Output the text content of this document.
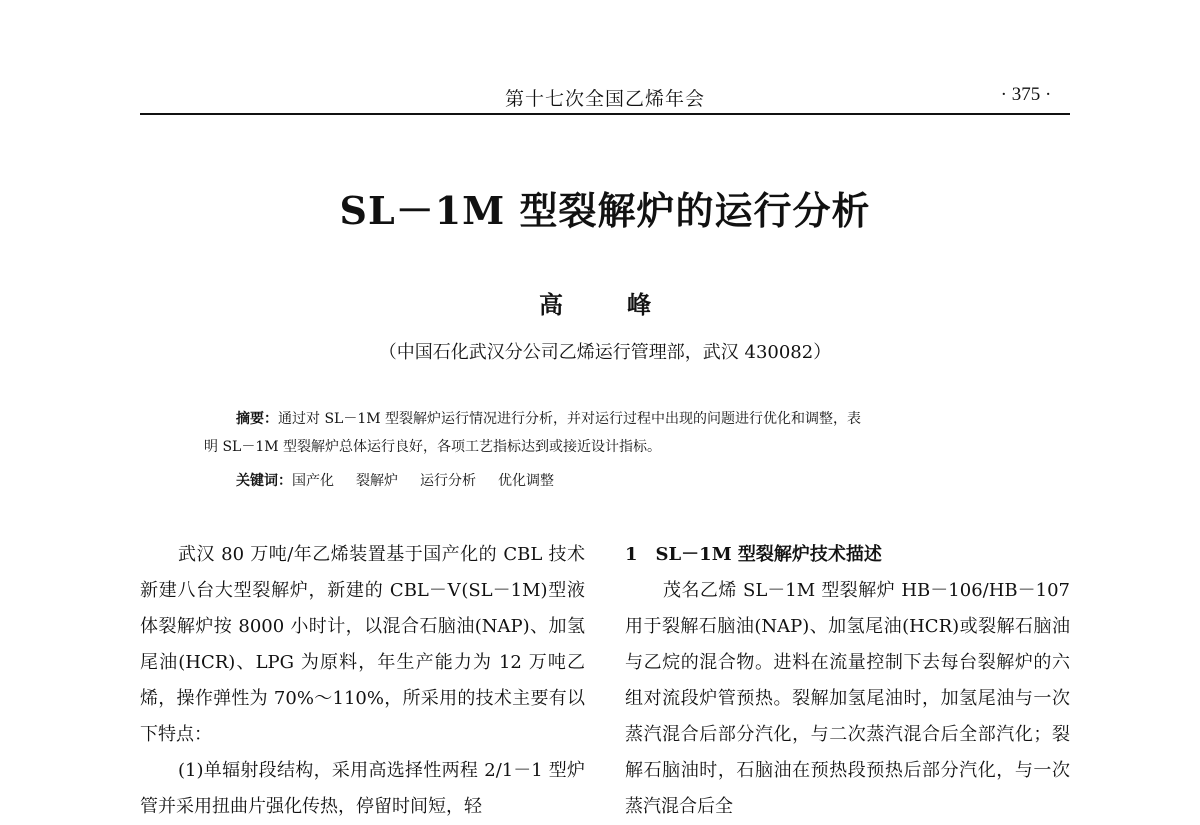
第十七次全国乙烯年会	· 375 ·
SL－1M 型裂解炉的运行分析
高　峰
（中国石化武汉分公司乙烯运行管理部，武汉 430082）
摘要：通过对 SL－1M 型裂解炉运行情况进行分析，并对运行过程中出现的问题进行优化和调整，表
明 SL－1M 型裂解炉总体运行良好，各项工艺指标达到或接近设计指标。
关键词：国产化 裂解炉 运行分析 优化调整

武汉 80 万吨/年乙烯装置基于国产化的 CBL 技术新建八台大型裂解炉，新建的 CBL－Ⅴ(SL－1M)型液体裂解炉按 8000 小时计，以混合石脑油(NAP)、加氢尾油(HCR)、LPG 为原料，年生产能力为 12 万吨乙烯，操作弹性为 70%～110%，所采用的技术主要有以下特点：

(1)单辐射段结构，采用高选择性两程 2/1－1 型炉管并采用扭曲片强化传热，停留时间短，轻

1　SL－1M 型裂解炉技术描述

茂名乙烯 SL－1M 型裂解炉 HB－106/HB－107 用于裂解石脑油(NAP)、加氢尾油(HCR)或裂解石脑油与乙烷的混合物。进料在流量控制下去每台裂解炉的六组对流段炉管预热。裂解加氢尾油时，加氢尾油与一次蒸汽混合后部分汽化，与二次蒸汽混合后全部汽化；裂解石脑油时，石脑油在预热段预热后部分汽化，与一次蒸汽混合后全
